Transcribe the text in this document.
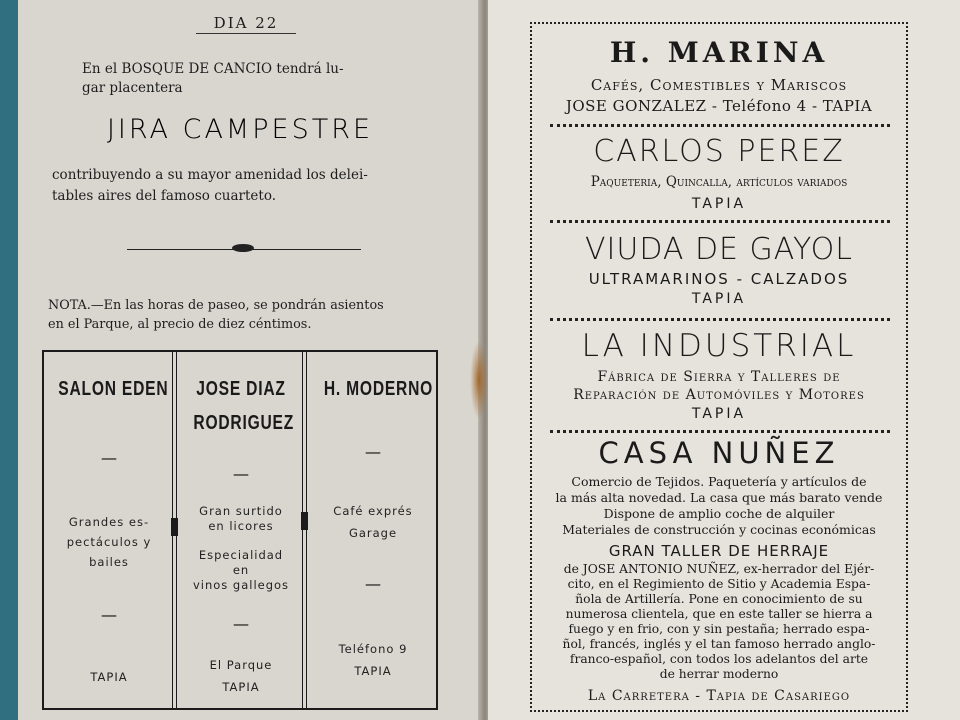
DIA 22
En el BOSQUE DE CANCIO tendrá lu-
gar placentera
JIRA CAMPESTRE
contribuyendo a su mayor amenidad los delei-
tables aires del famoso cuarteto.
NOTA.—En las horas de paseo, se pondrán asientos
en el Parque, al precio de diez céntimos.
SALON EDEN
—
Grandes es-
pectáculos y
bailes
—
TAPIA
JOSE DIAZ
RODRIGUEZ
—
Gran surtido
en licores
Especialidad
en
vinos gallegos
—
El Parque
TAPIA
H. MODERNO
—
Café exprés
Garage
—
Teléfono 9
TAPIA
H. MARINA
Cafés, Comestibles y Mariscos
JOSE GONZALEZ - Teléfono 4 - TAPIA
CARLOS PEREZ
Paqueteria, Quincalla, artículos variados
TAPIA
VIUDA DE GAYOL
ULTRAMARINOS - CALZADOS
TAPIA
LA INDUSTRIAL
Fábrica de Sierra y Talleres de
Reparación de Automóviles y Motores
TAPIA
CASA NUÑEZ
Comercio de Tejidos. Paquetería y artículos de
la más alta novedad. La casa que más barato vende
Dispone de amplio coche de alquiler
Materiales de construcción y cocinas económicas
GRAN TALLER DE HERRAJE
de JOSE ANTONIO NUÑEZ, ex-herrador del Ejér-
cito, en el Regimiento de Sitio y Academia Espa-
ñola de Artillería. Pone en conocimiento de su
numerosa clientela, que en este taller se hierra a
fuego y en frio, con y sin pestaña; herrado espa-
ñol, francés, inglés y el tan famoso herrado anglo-
franco-español, con todos los adelantos del arte
de herrar moderno
La Carretera - Tapia de Casariego
